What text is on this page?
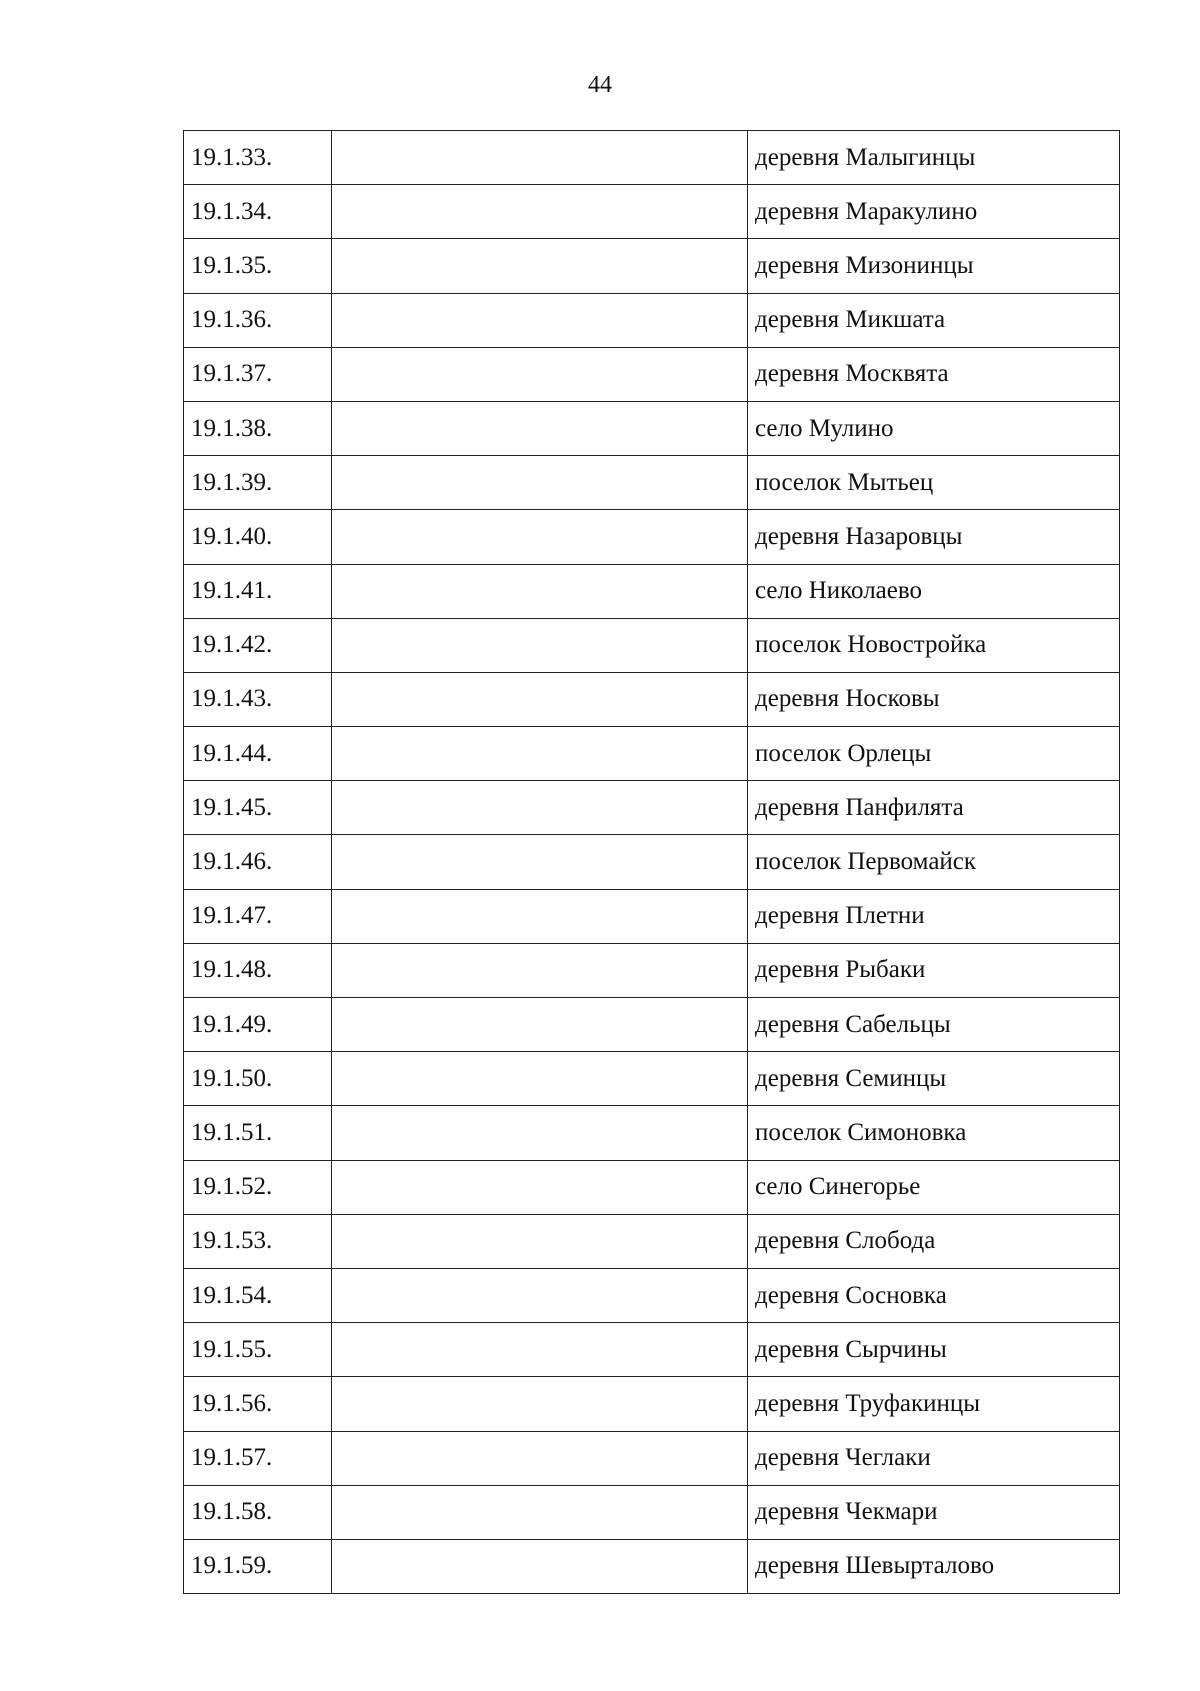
44
19.1.33.		деревня Малыгинцы
19.1.34.		деревня Маракулино
19.1.35.		деревня Мизонинцы
19.1.36.		деревня Микшата
19.1.37.		деревня Москвята
19.1.38.		село Мулино
19.1.39.		поселок Мытьец
19.1.40.		деревня Назаровцы
19.1.41.		село Николаево
19.1.42.		поселок Новостройка
19.1.43.		деревня Носковы
19.1.44.		поселок Орлецы
19.1.45.		деревня Панфилята
19.1.46.		поселок Первомайск
19.1.47.		деревня Плетни
19.1.48.		деревня Рыбаки
19.1.49.		деревня Сабельцы
19.1.50.		деревня Семинцы
19.1.51.		поселок Симоновка
19.1.52.		село Синегорье
19.1.53.		деревня Слобода
19.1.54.		деревня Сосновка
19.1.55.		деревня Сырчины
19.1.56.		деревня Труфакинцы
19.1.57.		деревня Чеглаки
19.1.58.		деревня Чекмари
19.1.59.		деревня Шевырталово
